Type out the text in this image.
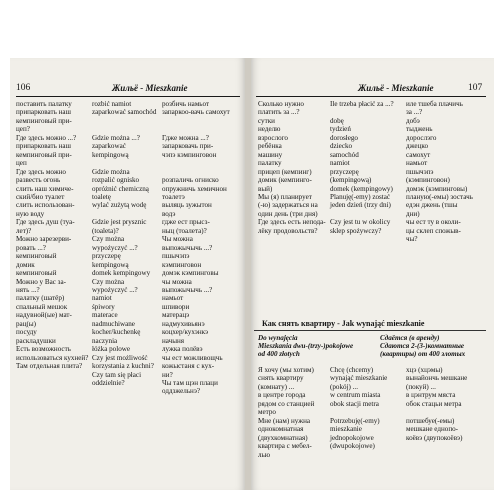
106	Жильё - Mieszkanie
поставить палатку
припарковать наш
кемпинговый при-
цеп?
Где здесь можно ...?
припарковать наш
кемпинговый при-
цеп
Где здесь можно
развесть огонь
слить наш химиче-
ский/био туалет
слить использован-
ную воду
Где здесь душ (туа-
лет)?
Можно зарезерви-
ровать ...?
кемпинговый
домик
кемпинговый
Можно у Вас за-
нять ...?
палатку (шатёр)
спальный мешок
надувной(ые) мат-
рац(ы)
посуду
раскладушки
Есть возможность
использоваться кухней?
Там отдельная плита?
rozbić namiot
zaparkować samochód

Gdzie można ...?
zaparkować
kempingową

Gdzie można
rozpalić ognisko
opróżnić chemiczną
toaletę
wylać zużytą wodę

Gdzie jest prysznic
(toaleta)?
Czy można
wypożyczyć ...?
przyczepę
kempingową
domek kempingowy
Czy można
wypożyczyć ...?
namiot
śpiwory
materace
nadmuchiwane
kocher/kuchenkę
naczynia
łóżka polowe
Czy jest możliwość
korzystania z kuchni?
Czy tam się płaci
oddzielnie?
розбичь намьот
запаркоо-вачь самохут

Гдже можна ...?
запарковачь при-
чэпэ кэмпинговон

розпаличь огниско
опружничь хемичнон
тоалетэ
выляць зужытон
водэ
гдже ест прысз-
ныц (тоалета)?
Чы можна
выпожычычь ...?
пшычэпэ
кэмпинговон
домэк кэмпинговы
чы можна
выпожычычь ...?
намьот
шпивори
матерацэ
надмухивьянэ
коцхер/кухэнкэ
начыня
лужка полёвэ
чы ест можливощчь
кожыстаня с кух-
ни?
Чы там щэн плаци
оддзжельнэ?
Жильё - Mieszkanie	107
Сколько нужно
платить за ...?
сутки
неделю
взрослого
ребёнка
машину
палатку
прицеп (кемпинг)
домик (кемпинго-
вый)
Мы (я) планирует
(-ю) задержаться на
один день (три дня)
Где здесь есть непода-
лёку продовольств?
Ile trzeba płacić za ...?

dobę
tydzień
dorosłego
dziecko
samochód
namiot
przyczepę
(kempingową)
domek (kempingowy)
Planuję(-emy) zostać
jeden dzień (trzy dni)

Czy jest tu w okolicy
sklep spożywczy?
иле тшеба плачичь
за ...?
добэ
тыджень
дорослэго
джецко
самохут
намьот
пшычэпэ
(кэмпинговон)
домэк (кэмпинговы)
планую(-емы) зостачь
едэн джень (тшы
дни)
чы ест ту в околи-
цы склеп спожыв-
чы?
Как снять квартиру - Jak wynająć mieszkanie
Do wynajęcia
Mieszkania dwu-(trzy-)pokojowe
od 400 złotych
Сдаётся (в аренду)
Сдаются 2-(3-)комнатные
(квартиры) от 400 злотых
Я хочу (мы хотим)
снять квартиру
(комнату) ...
в центре города
рядом со станцией
метро
Мне (нам) нужна
однокомнатная
(двухкомнатная)
квартира с мебел-
лью
Chcę (chcemy)
wynająć mieszkanie
(pokój) ...
w centrum miasta
obok stacji metra

Potrzebuję(-emy)
mieszkanie
jednopokojowe
(dwupokojowe)

хцэ (хцэмы)
вынайончь мешкане
(покуй) ...
в цэнтрум мяста
обок стацьи метра

потшебуе(-емы)
мешкане еднопо-
коёвэ (двупокоёвэ)
